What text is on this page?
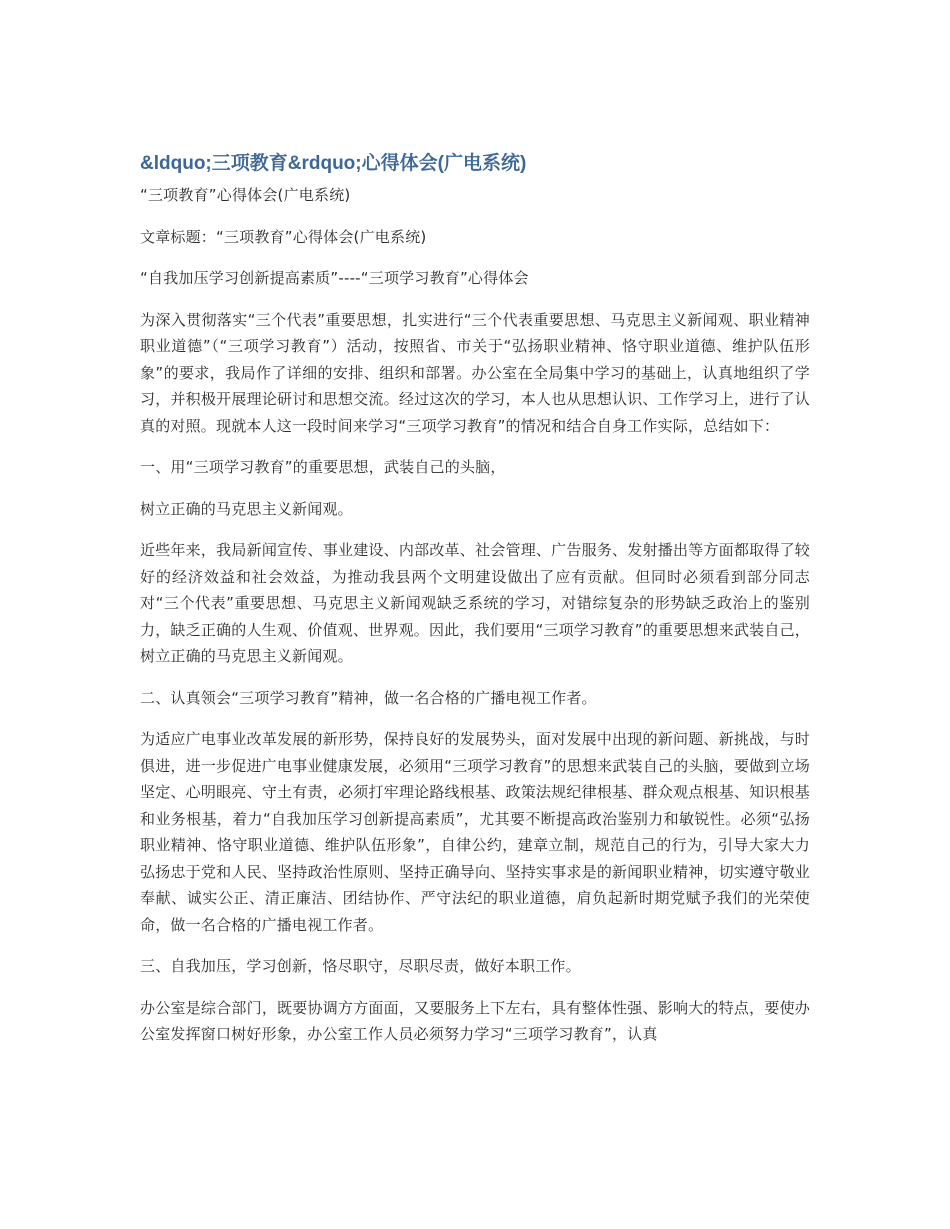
&ldquo;三项教育&rdquo;心得体会(广电系统)

“三项教育”心得体会(广电系统)

文章标题：“三项教育”心得体会(广电系统)

“自我加压学习创新提高素质”----“三项学习教育”心得体会

为深入贯彻落实“三个代表”重要思想，扎实进行“三个代表重要思想、马克思主义新闻观、职业精神职业道德”（“三项学习教育”）活动，按照省、市关于“弘扬职业精神、恪守职业道德、维护队伍形象”的要求，我局作了详细的安排、组织和部署。办公室在全局集中学习的基础上，认真地组织了学习，并积极开展理论研讨和思想交流。经过这次的学习，本人也从思想认识、工作学习上，进行了认真的对照。现就本人这一段时间来学习“三项学习教育”的情况和结合自身工作实际，总结如下：

一、用“三项学习教育”的重要思想，武装自己的头脑，

树立正确的马克思主义新闻观。

近些年来，我局新闻宣传、事业建设、内部改革、社会管理、广告服务、发射播出等方面都取得了较好的经济效益和社会效益，为推动我县两个文明建设做出了应有贡献。但同时必须看到部分同志对“三个代表”重要思想、马克思主义新闻观缺乏系统的学习，对错综复杂的形势缺乏政治上的鉴别力，缺乏正确的人生观、价值观、世界观。因此，我们要用“三项学习教育”的重要思想来武装自己，树立正确的马克思主义新闻观。

二、认真领会“三项学习教育”精神，做一名合格的广播电视工作者。

为适应广电事业改革发展的新形势，保持良好的发展势头，面对发展中出现的新问题、新挑战，与时俱进，进一步促进广电事业健康发展，必须用“三项学习教育”的思想来武装自己的头脑，要做到立场坚定、心明眼亮、守土有责，必须打牢理论路线根基、政策法规纪律根基、群众观点根基、知识根基和业务根基，着力“自我加压学习创新提高素质”，尤其要不断提高政治鉴别力和敏锐性。必须“弘扬职业精神、恪守职业道德、维护队伍形象”，自律公约，建章立制，规范自己的行为，引导大家大力弘扬忠于党和人民、坚持政治性原则、坚持正确导向、坚持实事求是的新闻职业精神，切实遵守敬业奉献、诚实公正、清正廉洁、团结协作、严守法纪的职业道德，肩负起新时期党赋予我们的光荣使命，做一名合格的广播电视工作者。

三、自我加压，学习创新，恪尽职守，尽职尽责，做好本职工作。

办公室是综合部门，既要协调方方面面，又要服务上下左右，具有整体性强、影响大的特点，要使办公室发挥窗口树好形象，办公室工作人员必须努力学习“三项学习教育”，认真
